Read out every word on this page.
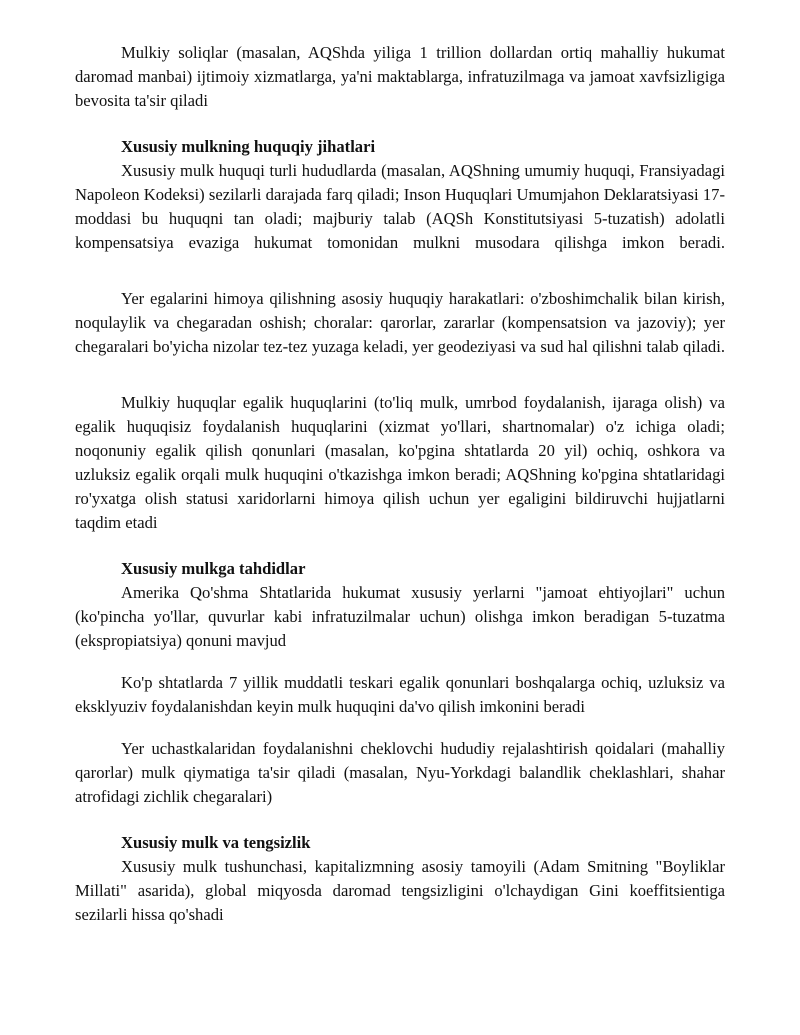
Mulkiy soliqlar (masalan, AQShda yiliga 1 trillion dollardan ortiq mahalliy hukumat daromad manbai) ijtimoiy xizmatlarga, ya'ni maktablarga, infratuzilmaga va jamoat xavfsizligiga bevosita ta'sir qiladi

Xususiy mulkning huquqiy jihatlari

Xususiy mulk huquqi turli hududlarda (masalan, AQShning umumiy huquqi, Fransiyadagi Napoleon Kodeksi) sezilarli darajada farq qiladi; Inson Huquqlari Umumjahon Deklaratsiyasi 17-moddasi bu huquqni tan oladi; majburiy talab (AQSh Konstitutsiyasi 5-tuzatish) adolatli kompensatsiya evaziga hukumat tomonidan mulkni musodara qilishga imkon beradi.

Yer egalarini himoya qilishning asosiy huquqiy harakatlari: o'zboshimchalik bilan kirish, noqulaylik va chegaradan oshish; choralar: qarorlar, zararlar (kompensatsion va jazoviy); yer chegaralari bo'yicha nizolar tez-tez yuzaga keladi, yer geodeziyasi va sud hal qilishni talab qiladi.

Mulkiy huquqlar egalik huquqlarini (to'liq mulk, umrbod foydalanish, ijaraga olish) va egalik huquqisiz foydalanish huquqlarini (xizmat yo'llari, shartnomalar) o'z ichiga oladi; noqonuniy egalik qilish qonunlari (masalan, ko'pgina shtatlarda 20 yil) ochiq, oshkora va uzluksiz egalik orqali mulk huquqini o'tkazishga imkon beradi; AQShning ko'pgina shtatlaridagi ro'yxatga olish statusi xaridorlarni himoya qilish uchun yer egaligini bildiruvchi hujjatlarni taqdim etadi

Xususiy mulkga tahdidlar

Amerika Qo'shma Shtatlarida hukumat xususiy yerlarni "jamoat ehtiyojlari" uchun (ko'pincha yo'llar, quvurlar kabi infratuzilmalar uchun) olishga imkon beradigan 5-tuzatma (ekspropiatsiya) qonuni mavjud

Ko'p shtatlarda 7 yillik muddatli teskari egalik qonunlari boshqalarga ochiq, uzluksiz va eksklyuziv foydalanishdan keyin mulk huquqini da'vo qilish imkonini beradi

Yer uchastkalaridan foydalanishni cheklovchi hududiy rejalashtirish qoidalari (mahalliy qarorlar) mulk qiymatiga ta'sir qiladi (masalan, Nyu-Yorkdagi balandlik cheklashlari, shahar atrofidagi zichlik chegaralari)

Xususiy mulk va tengsizlik

Xususiy mulk tushunchasi, kapitalizmning asosiy tamoyili (Adam Smitning "Boyliklar Millati" asarida), global miqyosda daromad tengsizligini o'lchaydigan Gini koeffitsientiga sezilarli hissa qo'shadi
